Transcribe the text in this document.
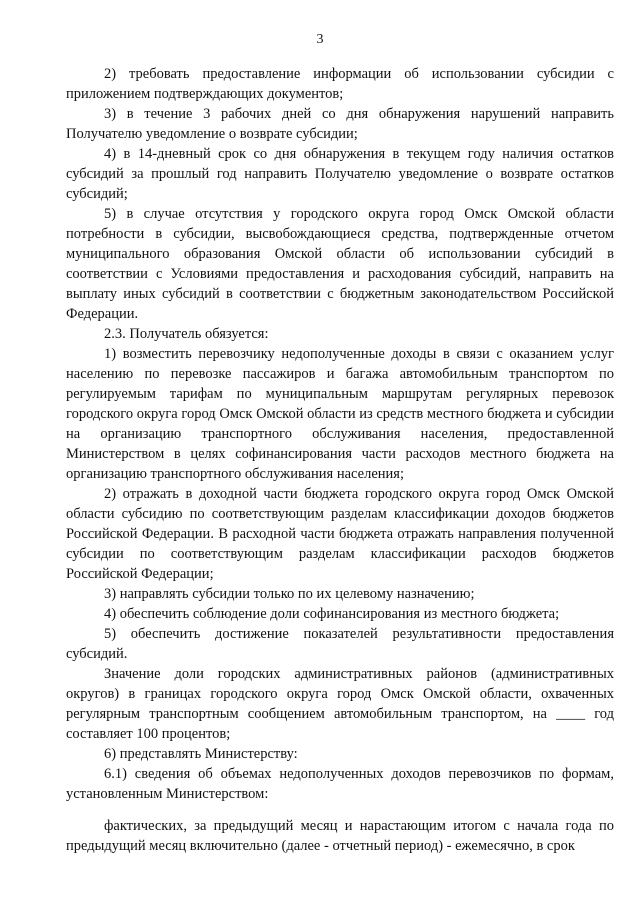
3

2) требовать предоставление информации об использовании субсидии с приложением подтверждающих документов;

3) в течение 3 рабочих дней со дня обнаружения нарушений направить Получателю уведомление о возврате субсидии;

4) в 14-дневный срок со дня обнаружения в текущем году наличия остатков субсидий за прошлый год направить Получателю уведомление о возврате остатков субсидий;

5) в случае отсутствия у городского округа город Омск Омской области потребности в субсидии, высвобождающиеся средства, подтвержденные отчетом муниципального образования Омской области об использовании субсидий в соответствии с Условиями предоставления и расходования субсидий, направить на выплату иных субсидий в соответствии с бюджетным законодательством Российской Федерации.

2.3. Получатель обязуется:

1) возместить перевозчику недополученные доходы в связи с оказанием услуг населению по перевозке пассажиров и багажа автомобильным транспортом по регулируемым тарифам по муниципальным маршрутам регулярных перевозок городского округа город Омск Омской области из средств местного бюджета и субсидии на организацию транспортного обслуживания населения, предоставленной Министерством в целях софинансирования части расходов местного бюджета на организацию транспортного обслуживания населения;

2) отражать в доходной части бюджета городского округа город Омск Омской области субсидию по соответствующим разделам классификации доходов бюджетов Российской Федерации. В расходной части бюджета отражать направления полученной субсидии по соответствующим разделам классификации расходов бюджетов Российской Федерации;

3) направлять субсидии только по их целевому назначению;

4) обеспечить соблюдение доли софинансирования из местного бюджета;

5) обеспечить достижение показателей результативности предоставления субсидий.

Значение доли городских административных районов (административных округов) в границах городского округа город Омск Омской области, охваченных регулярным транспортным сообщением автомобильным транспортом, на ____ год составляет 100 процентов;

6) представлять Министерству:

6.1) сведения об объемах недополученных доходов перевозчиков по формам, установленным Министерством:

фактических, за предыдущий месяц и нарастающим итогом с начала года по предыдущий месяц включительно (далее - отчетный период) - ежемесячно, в срок
